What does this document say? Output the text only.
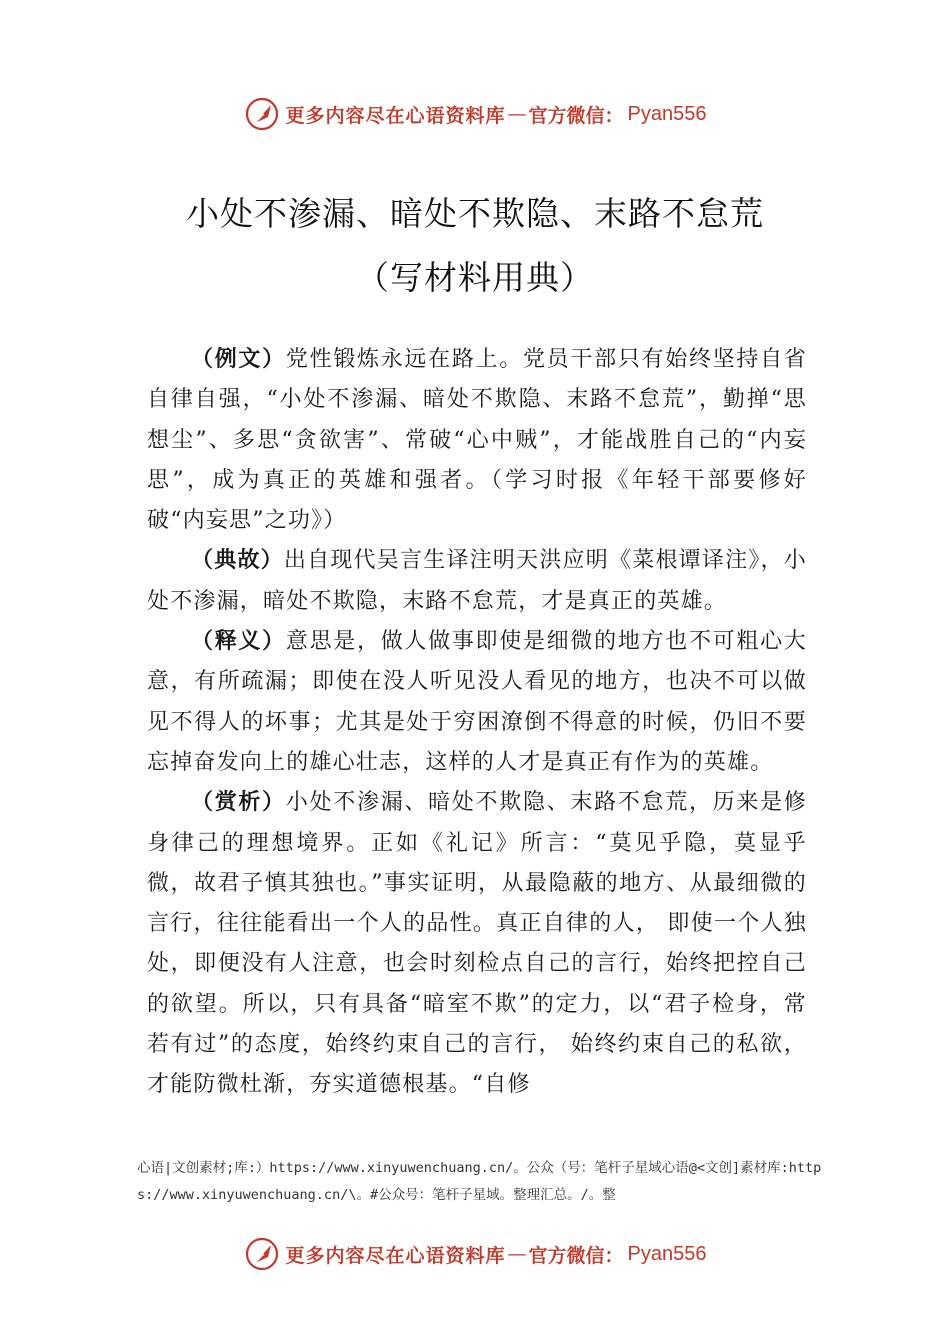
更多内容尽在心语资料库 — 官方微信： Pyan556
小处不渗漏、暗处不欺隐、末路不怠荒
（写材料用典）

（例文）党性锻炼永远在路上。党员干部只有始终坚持自省自律自强，“小处不渗漏、暗处不欺隐、末路不怠荒”，勤掸“思想尘”、多思“贪欲害”、常破“心中贼”，才能战胜自己的“内妄思”，成为真正的英雄和强者。（学习时报《年轻干部要修好破“内妄思”之功》）

（典故）出自现代吴言生译注明天洪应明《菜根谭译注》，小处不渗漏，暗处不欺隐，末路不怠荒，才是真正的英雄。

（释义）意思是，做人做事即使是细微的地方也不可粗心大意，有所疏漏；即使在没人听见没人看见的地方，也决不可以做见不得人的坏事；尤其是处于穷困潦倒不得意的时候，仍旧不要忘掉奋发向上的雄心壮志，这样的人才是真正有作为的英雄。

（赏析）小处不渗漏、暗处不欺隐、末路不怠荒，历来是修身律己的理想境界。正如《礼记》所言：“莫见乎隐，莫显乎微，故君子慎其独也。”事实证明，从最隐蔽的地方、从最细微的言行，往往能看出一个人的品性。真正自律的人， 即使一个人独处，即便没有人注意，也会时刻检点自己的言行，始终把控自己的欲望。所以，只有具备“暗室不欺”的定力，以“君子检身，常若有过”的态度，始终约束自己的言行， 始终约束自己的私欲，才能防微杜渐，夯实道德根基。“自修

心语|文创素材;库:）https://www.xinyuwenchuang.cn/。公众（号：笔杆子星域心语@<文创]素材库:https://www.xinyuwenchuang.cn/\。#公众号：笔杆子星域。整理汇总。/。整
更多内容尽在心语资料库 — 官方微信： Pyan556
